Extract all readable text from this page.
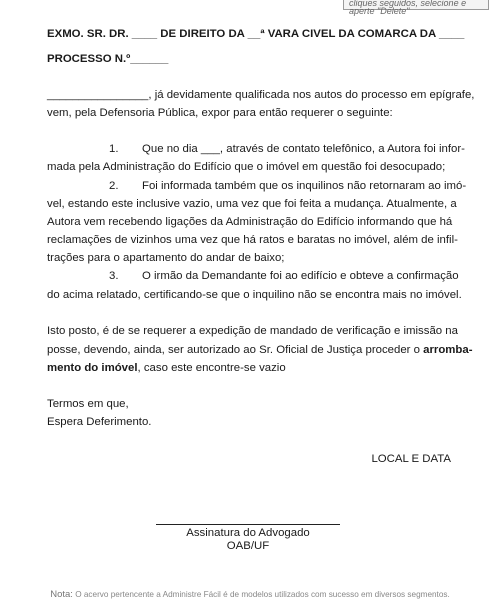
cliques seguidos, selecione e
aperte "Delete"
EXMO. SR. DR. ____ DE DIREITO DA __ª VARA CIVEL DA COMARCA DA ____
PROCESSO N.º______
________________, já devidamente qualificada nos autos do processo em epígrafe,
vem, pela Defensoria Pública, expor para então requerer o seguinte:
1. Que no dia ___, através de contato telefônico, a Autora foi infor-
mada pela Administração do Edifício que o imóvel em questão foi desocupado;
2. Foi informada também que os inquilinos não retornaram ao imó-
vel, estando este inclusive vazio, uma vez que foi feita a mudança. Atualmente, a
Autora vem recebendo ligações da Administração do Edifício informando que há
reclamações de vizinhos uma vez que há ratos e baratas no imóvel, além de infil-
trações para o apartamento do andar de baixo;
3. O irmão da Demandante foi ao edifício e obteve a confirmação
do acima relatado, certificando-se que o inquilino não se encontra mais no imóvel.
Isto posto, é de se requerer a expedição de mandado de verificação e imissão na
posse, devendo, ainda, ser autorizado ao Sr. Oficial de Justiça proceder o arromba-
mento do imóvel, caso este encontre-se vazio
Termos em que,
Espera Deferimento.
LOCAL E DATA
Assinatura do Advogado
OAB/UF
Nota: O acervo pertencente a Administre Fácil é de modelos utilizados com sucesso em diversos segmentos.
